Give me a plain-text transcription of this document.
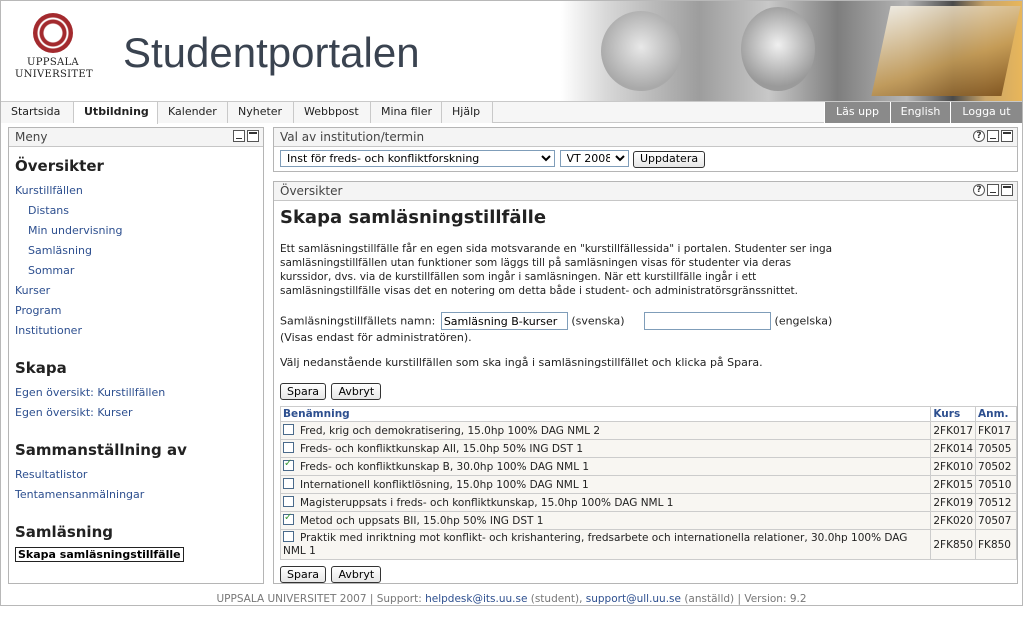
UPPSALA
UNIVERSITET Studentportalen
Startsida	Utbildning	Kalender	Nyheter	Webbpost	Mina filer	Hjälp	Läs upp	English	Logga ut
Meny
Översikter
Kurstillfällen
Distans
Min undervisning
Samläsning
Sommar
Kurser
Program
Institutioner
Skapa
Egen översikt: Kurstillfällen
Egen översikt: Kurser
Sammanställning av
Resultatlistor
Tentamensanmälningar
Samläsning
Skapa samläsningstillfälle
Val av institution/termin	?
Inst för freds- och konfliktforskning
VT 2008 Uppdatera
Översikter	?
Skapa samläsningstillfälle

Ett samläsningstillfälle får en egen sida motsvarande en "kurstillfällessida" i portalen. Studenter ser inga samläsningstillfällen utan funktioner som läggs till på samläsningen visas för studenter via deras kurssidor, dvs. via de kurstillfällen som ingår i samläsningen. När ett kurstillfälle ingår i ett samläsningstillfälle visas det en notering om detta både i student- och administratörsgränssnittet.

Samläsningstillfällets namn: Samläsning B-kurser	(svenska)	(engelska)
(Visas endast för administratören).
Välj nedanstående kurstillfällen som ska ingå i samläsningstillfället och klicka på Spara.
Spara Avbryt
Benämning	Kurs	Anm.
Fred, krig och demokratisering, 15.0hp 100% DAG NML 2	2FK017	FK017
Freds- och konfliktkunskap AII, 15.0hp 50% ING DST 1	2FK014	70505
✓Freds- och konfliktkunskap B, 30.0hp 100% DAG NML 1	2FK010	70502
Internationell konfliktlösning, 15.0hp 100% DAG NML 1	2FK015	70510
Magisteruppsats i freds- och konfliktkunskap, 15.0hp 100% DAG NML 1	2FK019	70512
✓Metod och uppsats BII, 15.0hp 50% ING DST 1	2FK020	70507
Praktik med inriktning mot konflikt- och krishantering, fredsarbete och internationella relationer, 30.0hp 100% DAG NML 1	2FK850	FK850
Spara Avbryt
UPPSALA UNIVERSITET 2007 | Support: helpdesk@its.uu.se (student), support@ull.uu.se (anställd) | Version: 9.2
